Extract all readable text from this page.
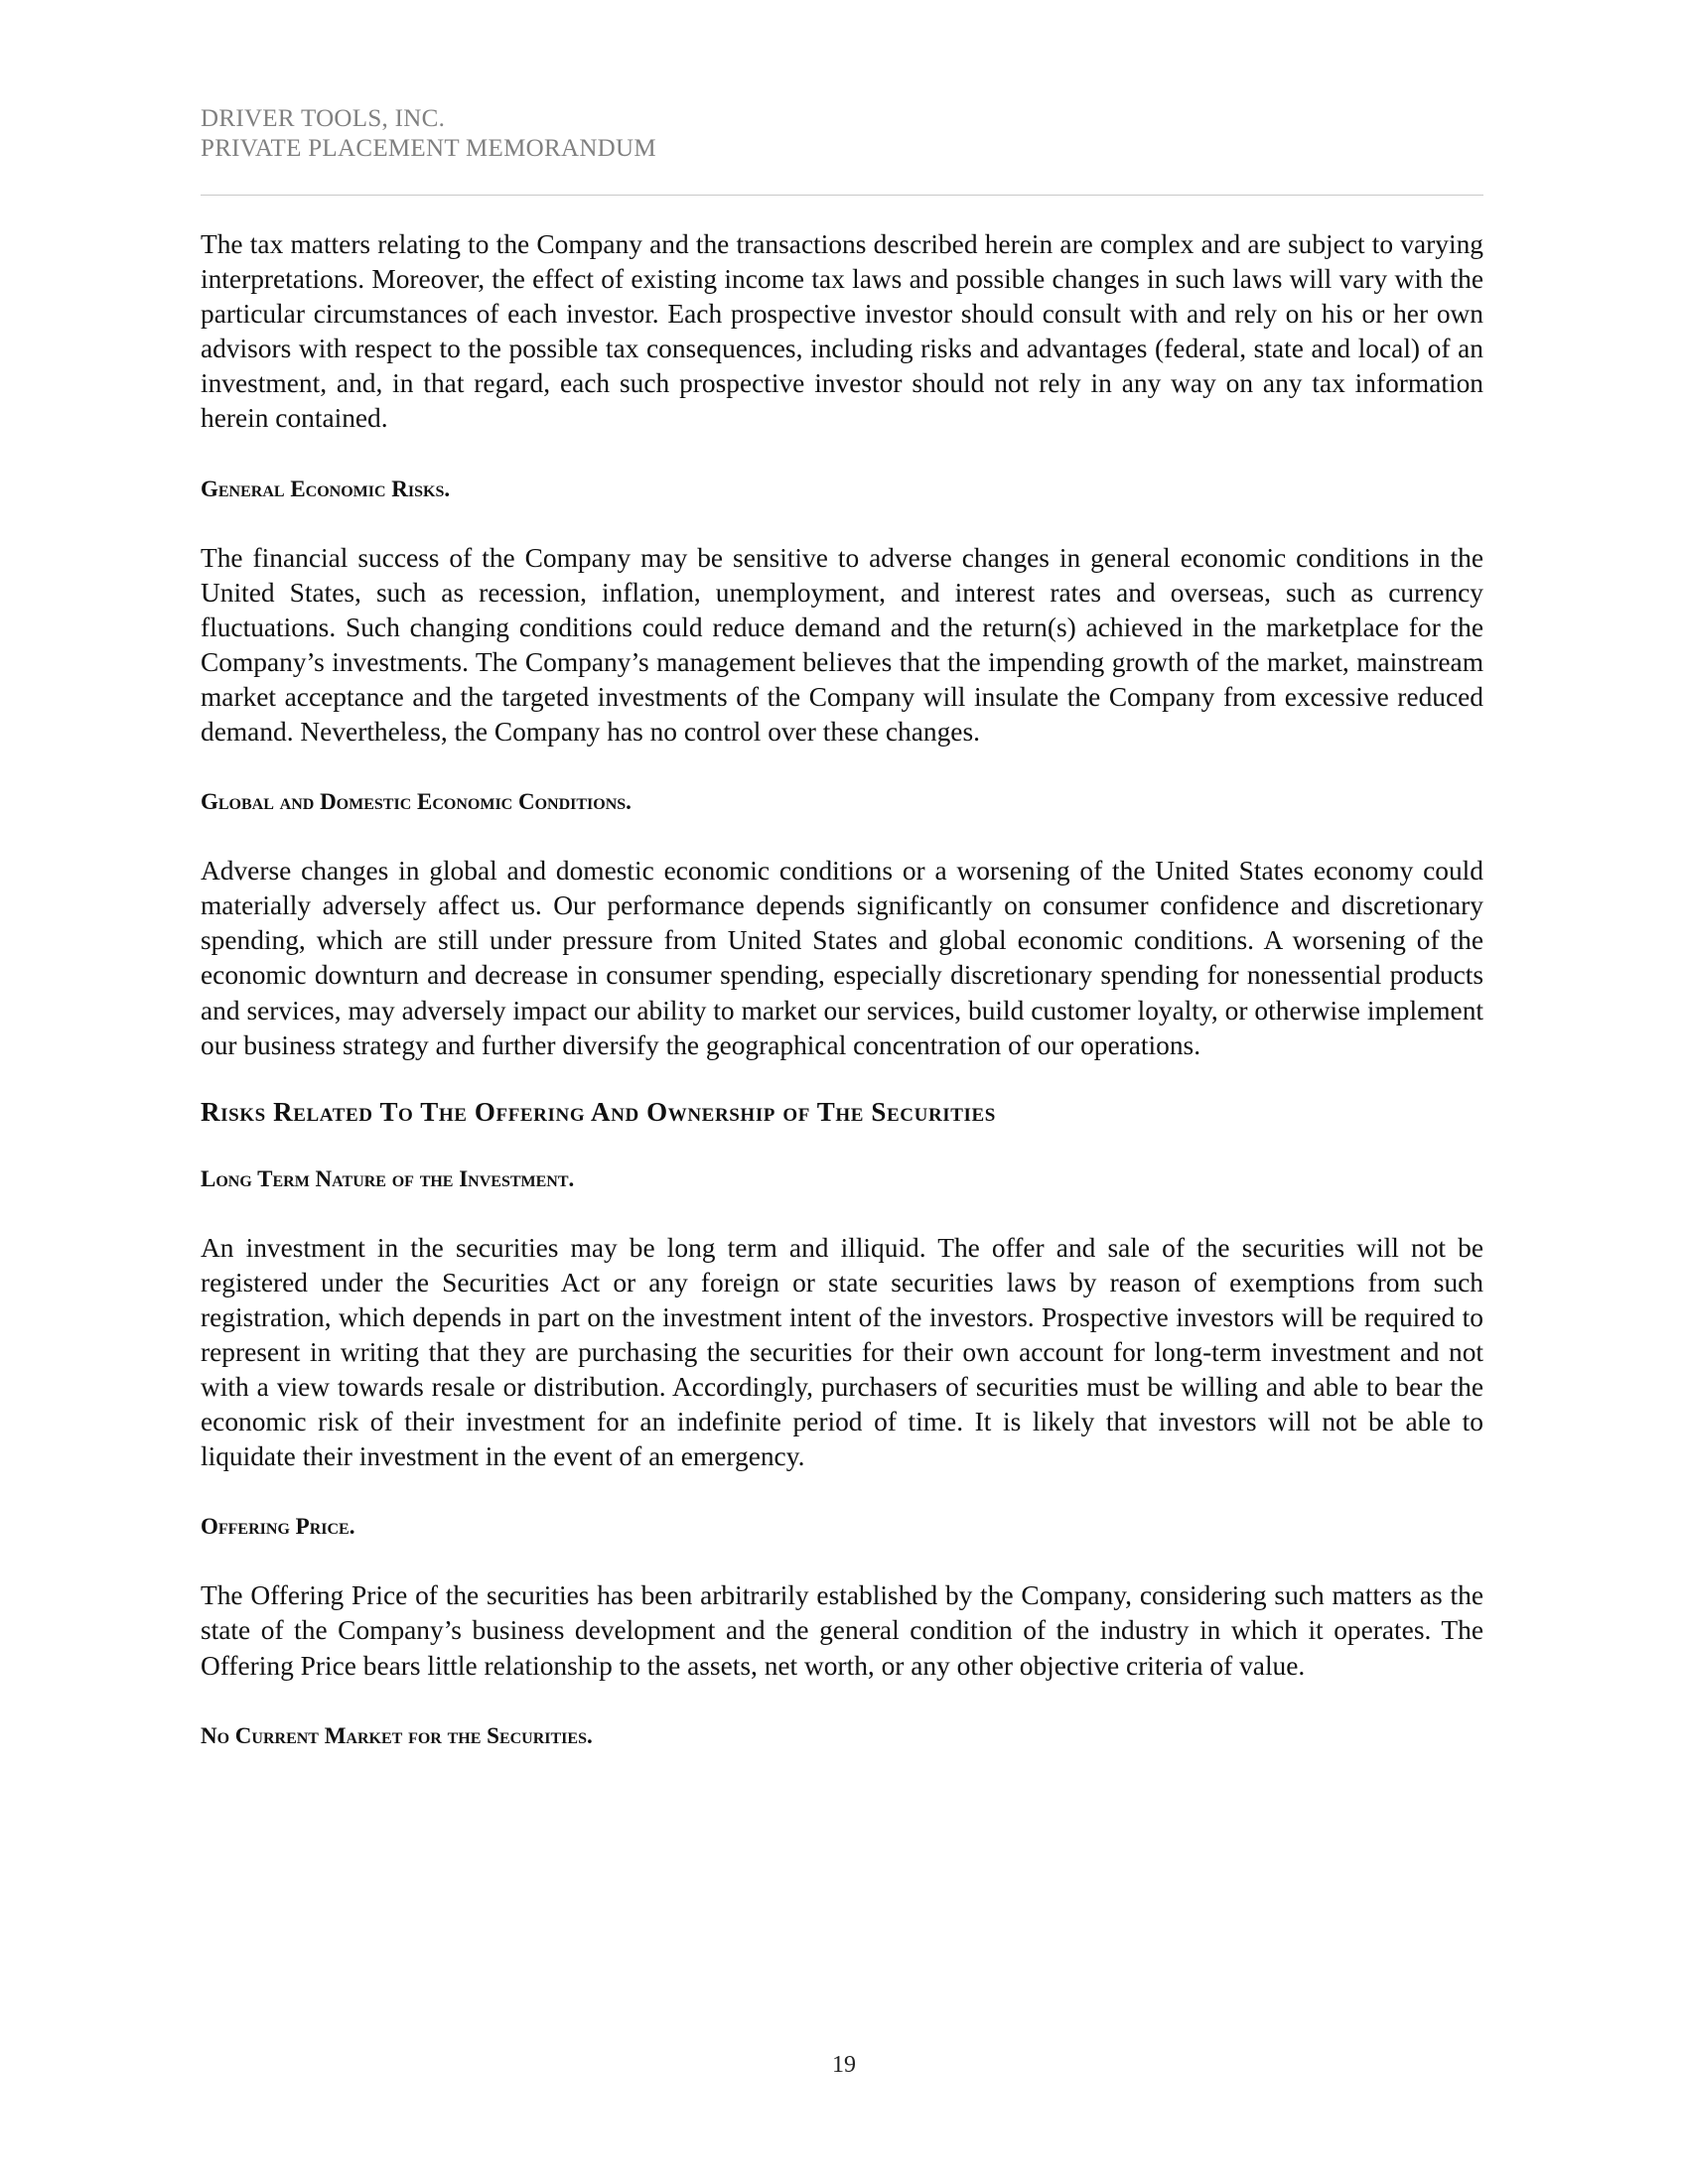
DRIVER TOOLS, INC.
PRIVATE PLACEMENT MEMORANDUM

The tax matters relating to the Company and the transactions described herein are complex and are subject to varying interpretations. Moreover, the effect of existing income tax laws and possible changes in such laws will vary with the particular circumstances of each investor. Each prospective investor should consult with and rely on his or her own advisors with respect to the possible tax consequences, including risks and advantages (federal, state and local) of an investment, and, in that regard, each such prospective investor should not rely in any way on any tax information herein contained.

General Economic Risks.

The financial success of the Company may be sensitive to adverse changes in general economic conditions in the United States, such as recession, inflation, unemployment, and interest rates and overseas, such as currency fluctuations. Such changing conditions could reduce demand and the return(s) achieved in the marketplace for the Company’s investments. The Company’s management believes that the impending growth of the market, mainstream market acceptance and the targeted investments of the Company will insulate the Company from excessive reduced demand. Nevertheless, the Company has no control over these changes.

Global and Domestic Economic Conditions.

Adverse changes in global and domestic economic conditions or a worsening of the United States economy could materially adversely affect us. Our performance depends significantly on consumer confidence and discretionary spending, which are still under pressure from United States and global economic conditions. A worsening of the economic downturn and decrease in consumer spending, especially discretionary spending for nonessential products and services, may adversely impact our ability to market our services, build customer loyalty, or otherwise implement our business strategy and further diversify the geographical concentration of our operations.

Risks Related To The Offering And Ownership of The Securities
Long Term Nature of the Investment.

An investment in the securities may be long term and illiquid. The offer and sale of the securities will not be registered under the Securities Act or any foreign or state securities laws by reason of exemptions from such registration, which depends in part on the investment intent of the investors. Prospective investors will be required to represent in writing that they are purchasing the securities for their own account for long-term investment and not with a view towards resale or distribution. Accordingly, purchasers of securities must be willing and able to bear the economic risk of their investment for an indefinite period of time. It is likely that investors will not be able to liquidate their investment in the event of an emergency.

Offering Price.

The Offering Price of the securities has been arbitrarily established by the Company, considering such matters as the state of the Company’s business development and the general condition of the industry in which it operates. The Offering Price bears little relationship to the assets, net worth, or any other objective criteria of value.

No Current Market for the Securities.
19
